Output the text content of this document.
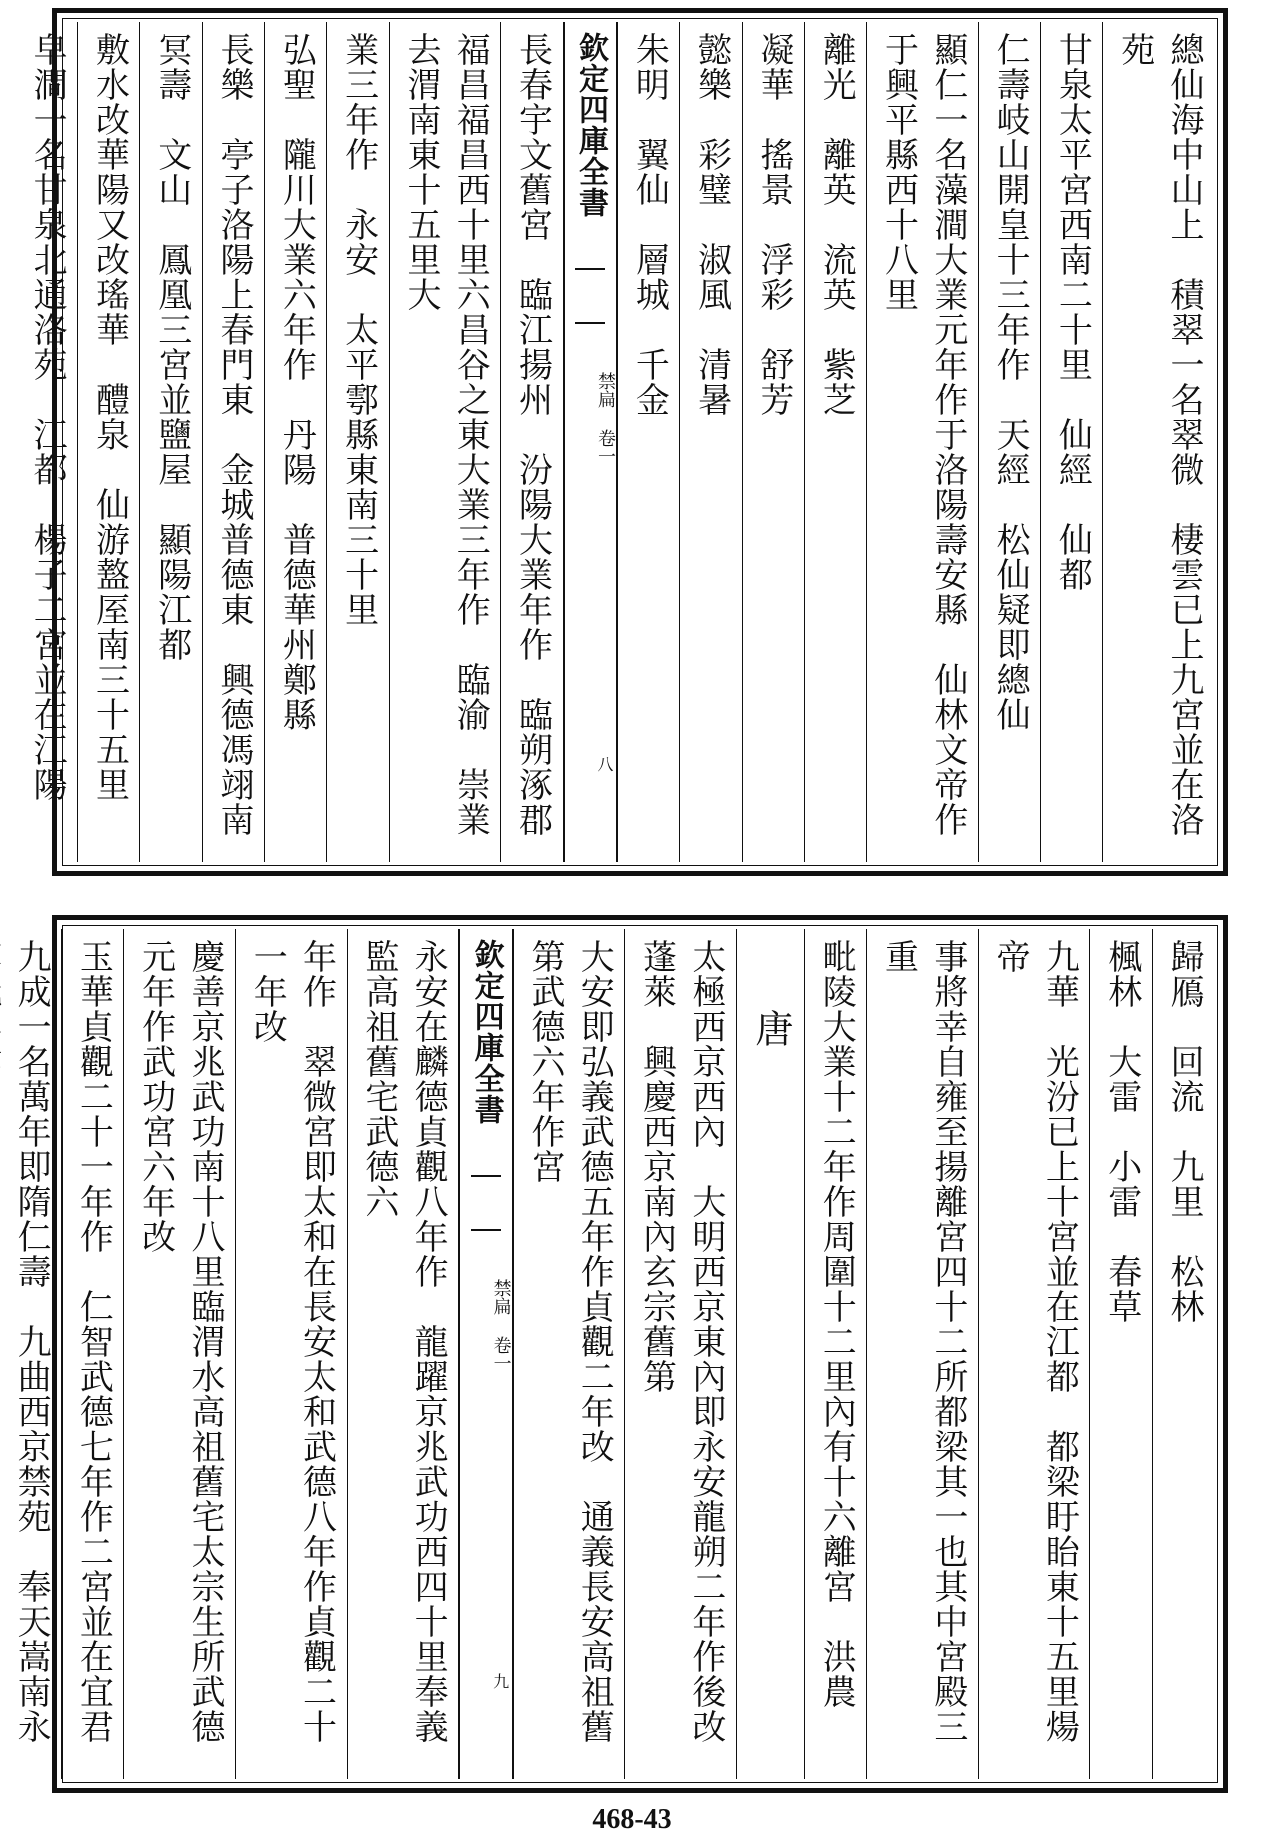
總仙海中山上　積翠一名翠微　棲雲已上九宮並在洛苑
甘泉太平宮西南二十里　仙經　仙都
仁壽岐山開皇十三年作　天經　松仙疑即總仙
顯仁一名藻澗大業元年作于洛陽壽安縣　仙林文帝作于興平縣西十八里
離光　離英　流英　紫芝
凝華　搖景　浮彩　舒芳
懿樂　彩璧　淑風　清暑
朱明　翼仙　層城　千金
欽定四庫全書
禁扁 卷一
八
長春宇文舊宮　臨江揚州　汾陽大業年作　臨朔涿郡
福昌福昌西十里六昌谷之東大業三年作　臨渝　崇業去渭南東十五里大
業三年作　永安　太平鄠縣東南三十里
弘聖　隴川大業六年作　丹陽　普德華州鄭縣
長樂　亭子洛陽上春門東　金城普德東　興德馮翊南
冥壽　文山　鳳凰三宮並鹽屋　顯陽江都
敷水改華陽又改瑤華　醴泉　仙游盩厔南三十五里
皁澗一名甘泉北通洛苑　江都　楊子二宮並在江陽
歸鴈　回流　九里　松林
楓林　大雷　小雷　春草
九華　光汾已上十宮並在江都　都梁盱眙東十五里煬帝
事將幸自雍至揚離宮四十二所都梁其一也其中宮殿三重
毗陵大業十二年作周圍十二里內有十六離宮　洪農
唐
太極西京西內　大明西京東內即永安龍朔二年作後改蓬萊　興慶西京南內玄宗舊第
大安即弘義武德五年作貞觀二年改　通義長安高祖舊第武德六年作宮
欽定四庫全書
禁扁 卷一
九
永安在麟德貞觀八年作　龍躍京兆武功西四十里奉義監高祖舊宅武德六
年作　翠微宮即太和在長安太和武德八年作貞觀二十一年改
慶善京兆武功南十八里臨渭水高祖舊宅太宗生所武德元年作武功宮六年改
玉華貞觀二十一年作　仁智武德七年作二宮並在宜君
九成一名萬年即隋仁壽　九曲西京禁苑　奉天嵩南永
468-43
